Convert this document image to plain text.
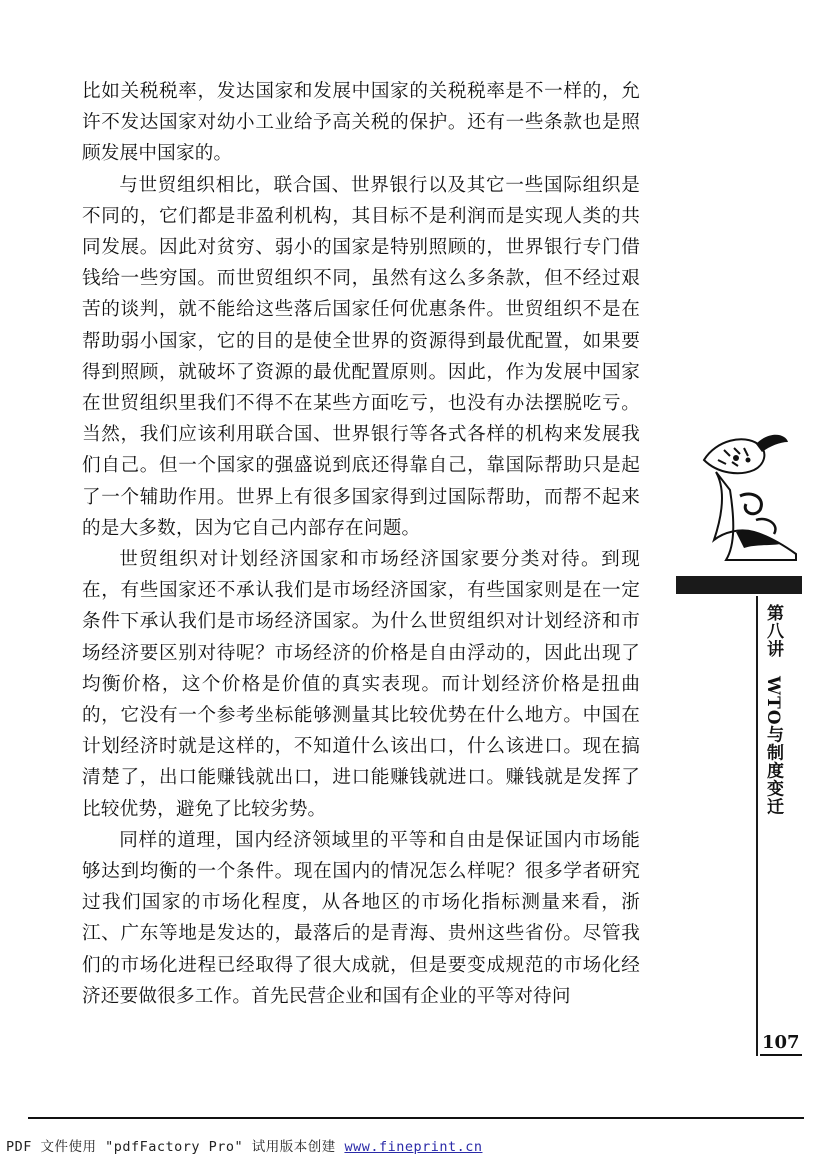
比如关税税率，发达国家和发展中国家的关税税率是不一样的，允许不发达国家对幼小工业给予高关税的保护。还有一些条款也是照顾发展中国家的。

与世贸组织相比，联合国、世界银行以及其它一些国际组织是不同的，它们都是非盈利机构，其目标不是利润而是实现人类的共同发展。因此对贫穷、弱小的国家是特别照顾的，世界银行专门借钱给一些穷国。而世贸组织不同，虽然有这么多条款，但不经过艰苦的谈判，就不能给这些落后国家任何优惠条件。世贸组织不是在帮助弱小国家，它的目的是使全世界的资源得到最优配置，如果要得到照顾，就破坏了资源的最优配置原则。因此，作为发展中国家在世贸组织里我们不得不在某些方面吃亏，也没有办法摆脱吃亏。当然，我们应该利用联合国、世界银行等各式各样的机构来发展我们自己。但一个国家的强盛说到底还得靠自己，靠国际帮助只是起了一个辅助作用。世界上有很多国家得到过国际帮助，而帮不起来的是大多数，因为它自己内部存在问题。

世贸组织对计划经济国家和市场经济国家要分类对待。到现在，有些国家还不承认我们是市场经济国家，有些国家则是在一定条件下承认我们是市场经济国家。为什么世贸组织对计划经济和市场经济要区别对待呢？市场经济的价格是自由浮动的，因此出现了均衡价格，这个价格是价值的真实表现。而计划经济价格是扭曲的，它没有一个参考坐标能够测量其比较优势在什么地方。中国在计划经济时就是这样的，不知道什么该出口，什么该进口。现在搞清楚了，出口能赚钱就出口，进口能赚钱就进口。赚钱就是发挥了比较优势，避免了比较劣势。

同样的道理，国内经济领域里的平等和自由是保证国内市场能够达到均衡的一个条件。现在国内的情况怎么样呢？很多学者研究过我们国家的市场化程度，从各地区的市场化指标测量来看，浙江、广东等地是发达的，最落后的是青海、贵州这些省份。尽管我们的市场化进程已经取得了很大成就，但是要变成规范的市场化经济还要做很多工作。首先民营企业和国有企业的平等对待问

第八讲　WTO与制度变迁
107
PDF 文件使用 "pdfFactory Pro" 试用版本创建 www.fineprint.cn
